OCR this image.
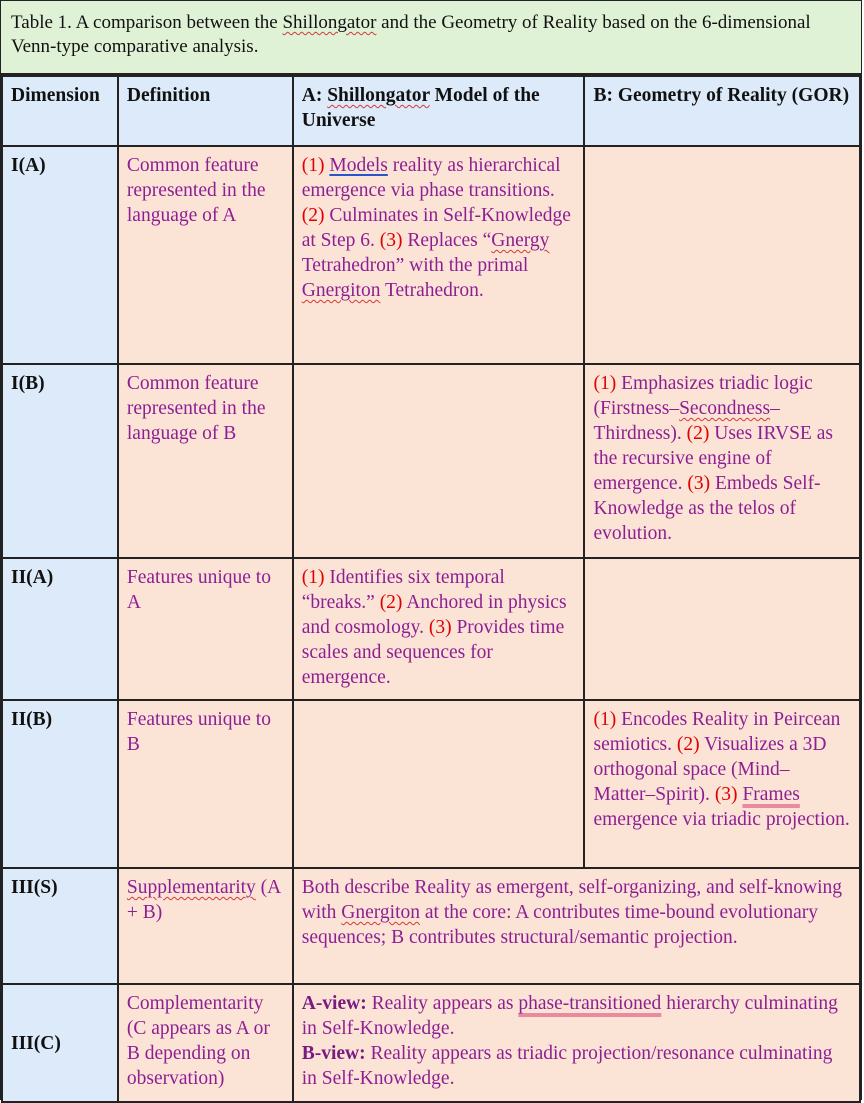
Table 1. A comparison between the Shillongator and the Geometry of Reality based on the 6-dimensional Venn-type comparative analysis.
Dimension	Definition	A: Shillongator Model of the Universe	B: Geometry of Reality (GOR)
I(A)	Common feature represented in the language of A	(1) Models reality as hierarchical emergence via phase transitions. (2) Culminates in Self-Knowledge at Step 6. (3) Replaces “Gnergy Tetrahedron” with the primal Gnergiton Tetrahedron.	
I(B)	Common feature represented in the language of B		(1) Emphasizes triadic logic (Firstness–Secondness–Thirdness). (2) Uses IRVSE as the recursive engine of emergence. (3) Embeds Self-Knowledge as the telos of evolution.
II(A)	Features unique to A	(1) Identifies six temporal “breaks.” (2) Anchored in physics and cosmology. (3) Provides time scales and sequences for emergence.	
II(B)	Features unique to B		(1) Encodes Reality in Peircean semiotics. (2) Visualizes a 3D orthogonal space (Mind–Matter–Spirit). (3) Frames emergence via triadic projection.
III(S)	Supplementarity (A + B)	Both describe Reality as emergent, self-organizing, and self-knowing with Gnergiton at the core: A contributes time-bound evolutionary sequences; B contributes structural/semantic projection.	
III(C)	Complementarity (C appears as A or B depending on observation)	A-view: Reality appears as phase-transitioned hierarchy culminating in Self-Knowledge.
B-view: Reality appears as triadic projection/resonance culminating in Self-Knowledge.	
